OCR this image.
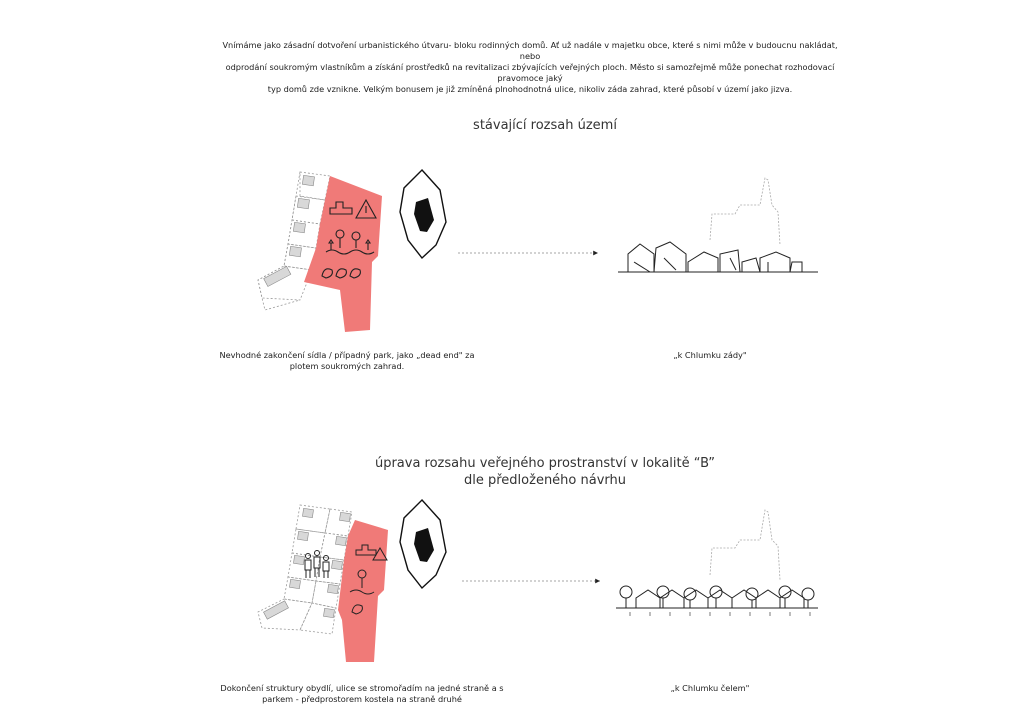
Vnímáme jako zásadní dotvoření urbanistického útvaru- bloku rodinných domů. Ať už nadále v majetku obce, které s nimi může v budoucnu nakládat, nebo
odprodání soukromým vlastníkům a získání prostředků na revitalizaci zbývajících veřejných ploch. Město si samozřejmě může ponechat rozhodovací pravomoce jaký
typ domů zde vznikne. Velkým bonusem je již zmíněná plnohodnotná ulice, nikoliv záda zahrad, které působí v území jako jizva.
stávající rozsah území
úprava rozsahu veřejného prostranství v lokalitě “B”
dle předloženého návrhu
Nevhodné zakončení sídla / případný park, jako „dead end" za
plotem soukromých zahrad.
„k Chlumku zády"
Dokončení struktury obydlí, ulice se stromořadím na jedné straně a s
parkem - předprostorem kostela na straně druhé
„k Chlumku čelem"
